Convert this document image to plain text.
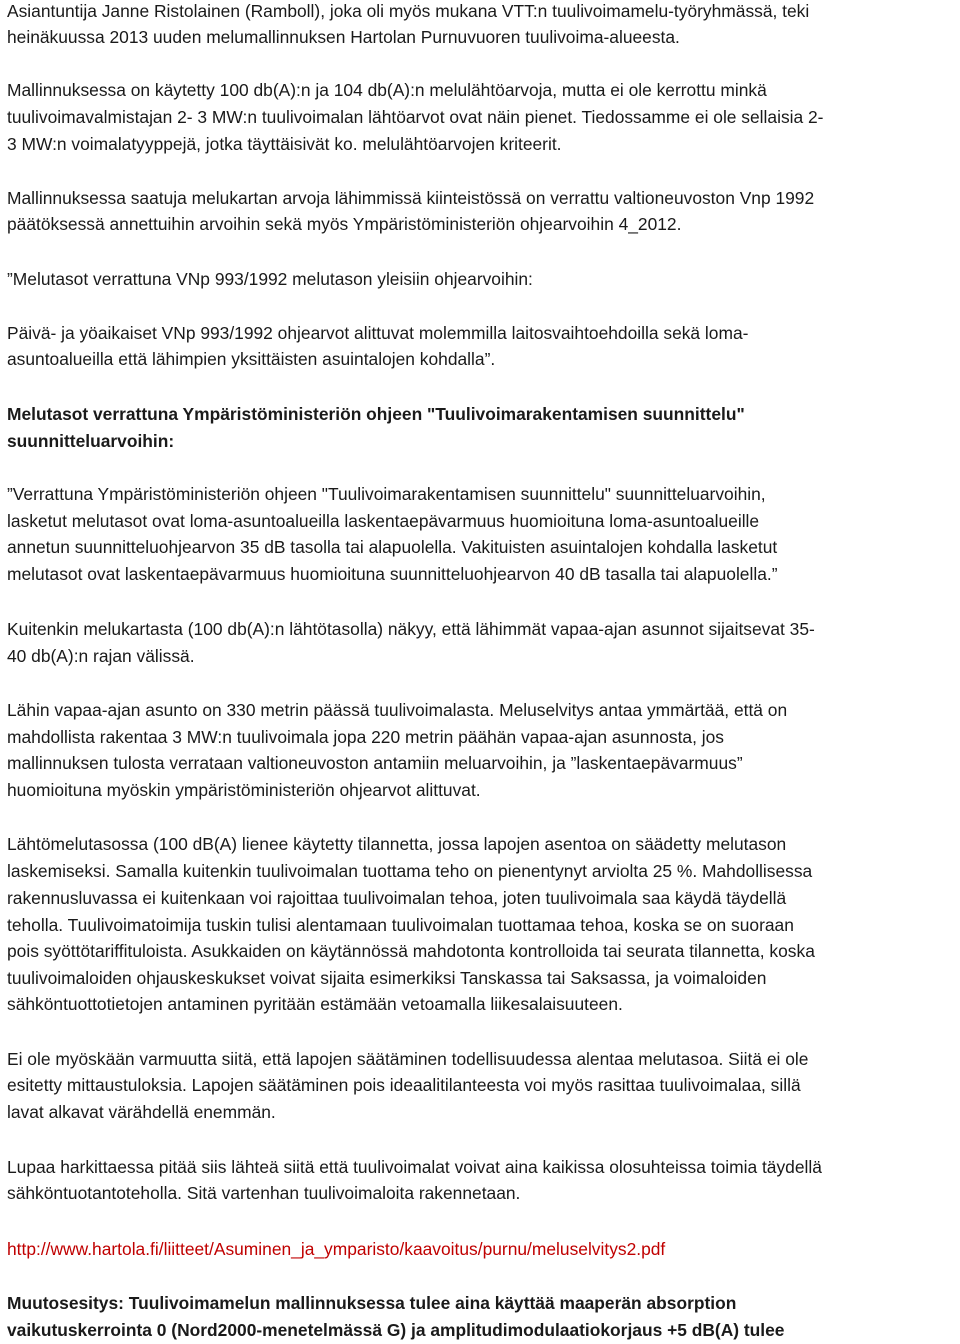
Asiantuntija Janne Ristolainen (Ramboll), joka oli myös mukana VTT:n tuulivoimamelu-työryhmässä, teki
heinäkuussa 2013 uuden melumallinnuksen Hartolan Purnuvuoren tuulivoima-alueesta.
Mallinnuksessa on käytetty 100 db(A):n ja 104 db(A):n melulähtöarvoja, mutta ei ole kerrottu minkä
tuulivoimavalmistajan 2- 3 MW:n tuulivoimalan lähtöarvot ovat näin pienet. Tiedossamme ei ole sellaisia 2-
3 MW:n voimalatyyppejä, jotka täyttäisivät ko. melulähtöarvojen kriteerit.
Mallinnuksessa saatuja melukartan arvoja lähimmissä kiinteistössä on verrattu valtioneuvoston Vnp 1992
päätöksessä annettuihin arvoihin sekä myös Ympäristöministeriön ohjearvoihin 4_2012.
”Melutasot verrattuna VNp 993/1992 melutason yleisiin ohjearvoihin:
Päivä- ja yöaikaiset VNp 993/1992 ohjearvot alittuvat molemmilla laitosvaihtoehdoilla sekä loma-
asuntoalueilla että lähimpien yksittäisten asuintalojen kohdalla”.
Melutasot verrattuna Ympäristöministeriön ohjeen "Tuulivoimarakentamisen suunnittelu"
suunnitteluarvoihin:
”Verrattuna Ympäristöministeriön ohjeen "Tuulivoimarakentamisen suunnittelu" suunnitteluarvoihin,
lasketut melutasot ovat loma-asuntoalueilla laskentaepävarmuus huomioituna loma-asuntoalueille
annetun suunnitteluohjearvon 35 dB tasolla tai alapuolella. Vakituisten asuintalojen kohdalla lasketut
melutasot ovat laskentaepävarmuus huomioituna suunnitteluohjearvon 40 dB tasalla tai alapuolella.”
Kuitenkin melukartasta (100 db(A):n lähtötasolla) näkyy, että lähimmät vapaa-ajan asunnot sijaitsevat 35-
40 db(A):n rajan välissä.
Lähin vapaa-ajan asunto on 330 metrin päässä tuulivoimalasta. Meluselvitys antaa ymmärtää, että on
mahdollista rakentaa 3 MW:n tuulivoimala jopa 220 metrin päähän vapaa-ajan asunnosta, jos
mallinnuksen tulosta verrataan valtioneuvoston antamiin meluarvoihin, ja ”laskentaepävarmuus”
huomioituna myöskin ympäristöministeriön ohjearvot alittuvat.
Lähtömelutasossa (100 dB(A) lienee käytetty tilannetta, jossa lapojen asentoa on säädetty melutason
laskemiseksi. Samalla kuitenkin tuulivoimalan tuottama teho on pienentynyt arviolta 25 %. Mahdollisessa
rakennusluvassa ei kuitenkaan voi rajoittaa tuulivoimalan tehoa, joten tuulivoimala saa käydä täydellä
teholla. Tuulivoimatoimija tuskin tulisi alentamaan tuulivoimalan tuottamaa tehoa, koska se on suoraan
pois syöttötariffituloista. Asukkaiden on käytännössä mahdotonta kontrolloida tai seurata tilannetta, koska
tuulivoimaloiden ohjauskeskukset voivat sijaita esimerkiksi Tanskassa tai Saksassa, ja voimaloiden
sähköntuottotietojen antaminen pyritään estämään vetoamalla liikesalaisuuteen.
Ei ole myöskään varmuutta siitä, että lapojen säätäminen todellisuudessa alentaa melutasoa. Siitä ei ole
esitetty mittaustuloksia. Lapojen säätäminen pois ideaalitilanteesta voi myös rasittaa tuulivoimalaa, sillä
lavat alkavat värähdellä enemmän.
Lupaa harkittaessa pitää siis lähteä siitä että tuulivoimalat voivat aina kaikissa olosuhteissa toimia täydellä
sähköntuotantoteholla. Sitä vartenhan tuulivoimaloita rakennetaan.
http://www.hartola.fi/liitteet/Asuminen_ja_ymparisto/kaavoitus/purnu/meluselvitys2.pdf
Muutosesitys: Tuulivoimamelun mallinnuksessa tulee aina käyttää maaperän absorption
vaikutuskerrointa 0 (Nord2000-menetelmässä G) ja amplitudimodulaatiokorjaus +5 dB(A) tulee
